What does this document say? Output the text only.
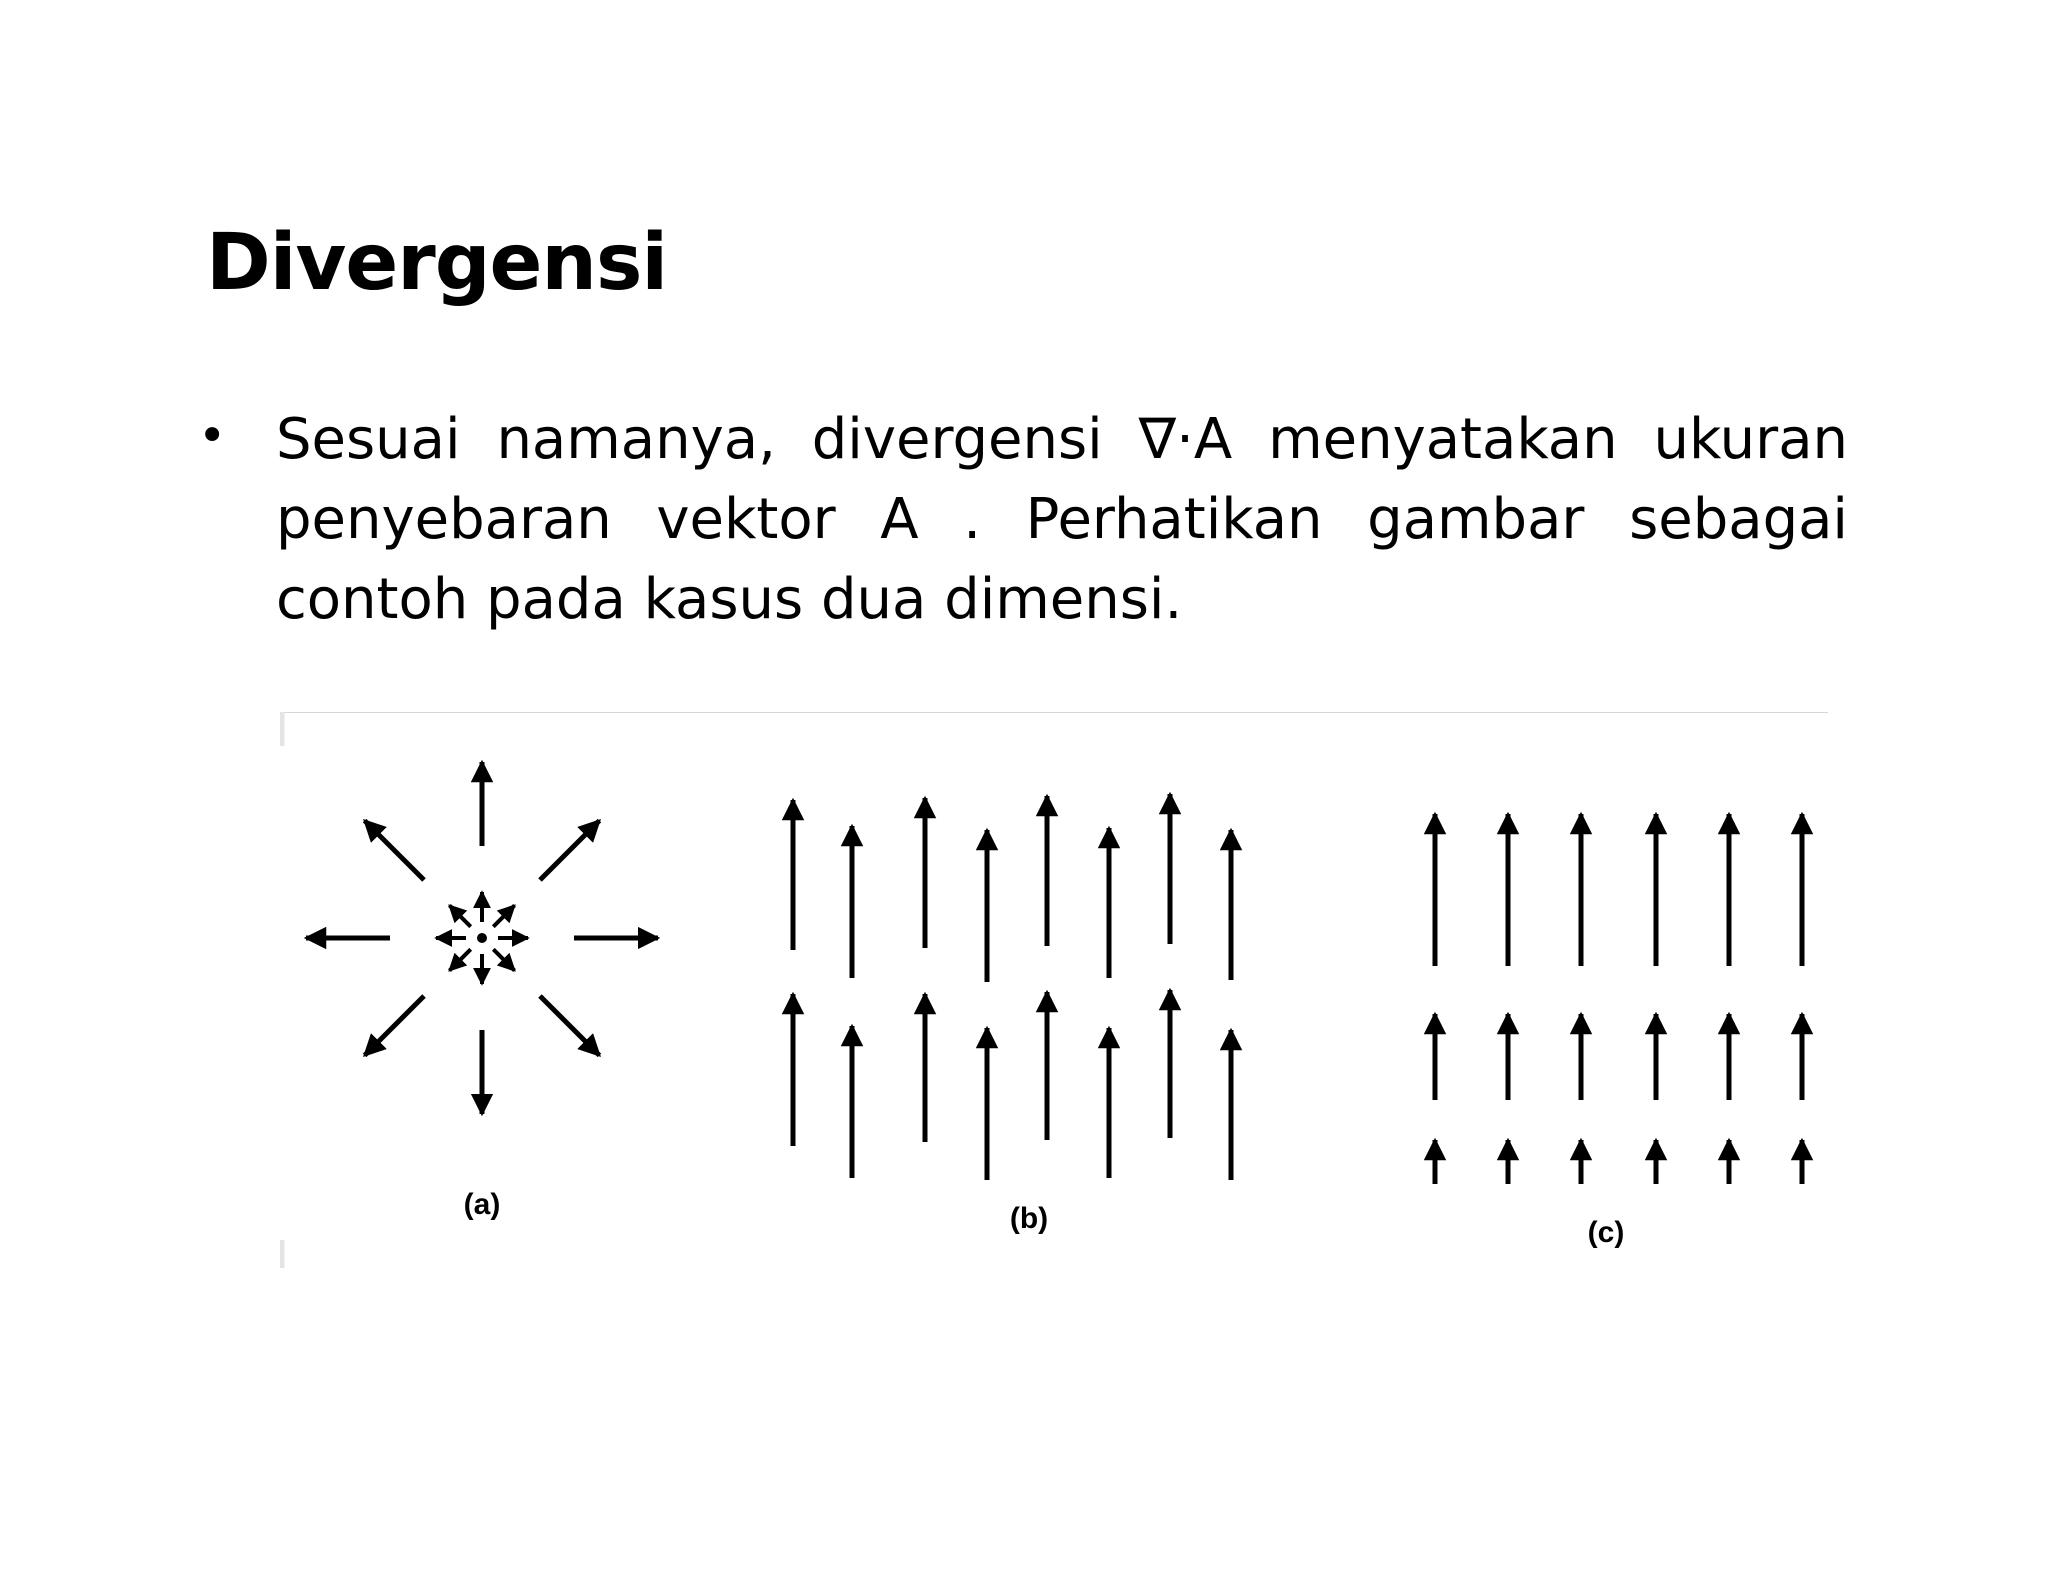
Divergensi
• Sesuai namanya, divergensi ∇·A menyatakan ukuran penyebaran vektor A . Perhatikan gambar sebagai contoh pada kasus dua dimensi.

(a)	(b)	(c)
